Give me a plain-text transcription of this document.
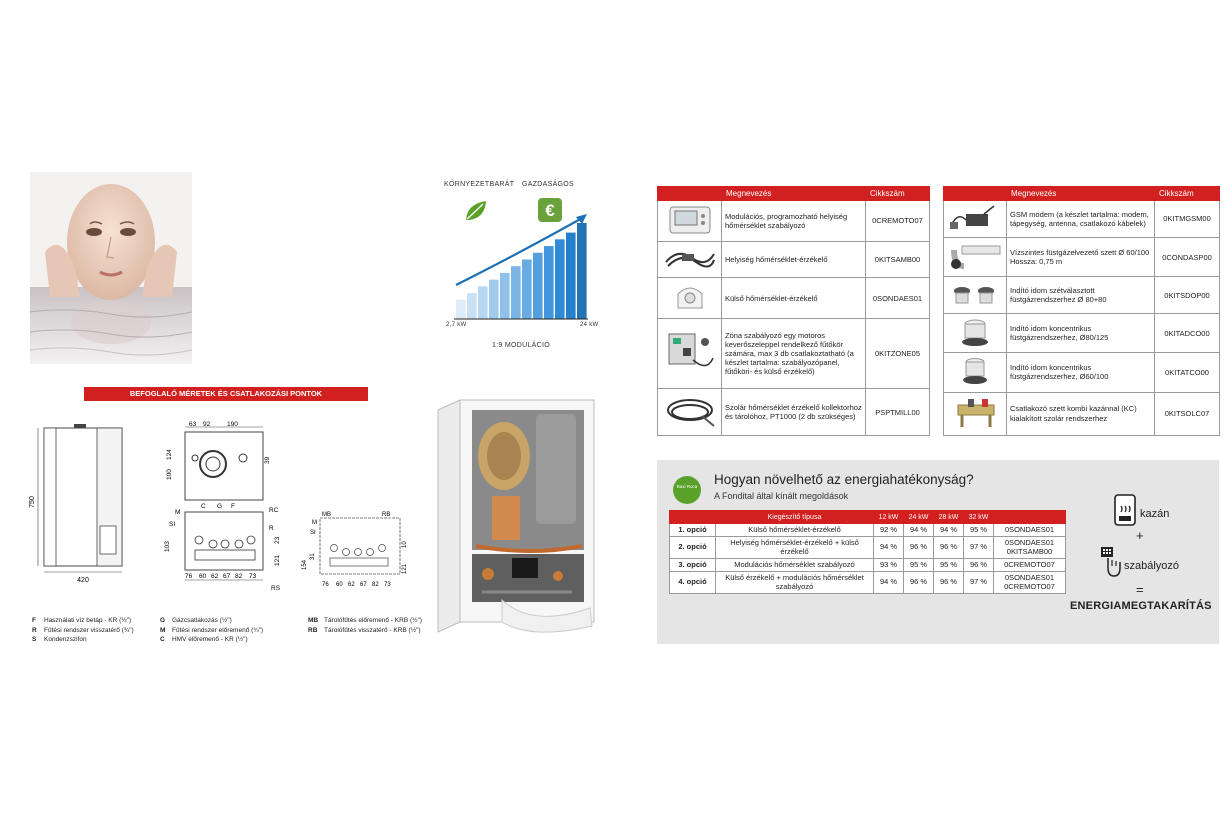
KÖRNYEZETBARÁT GAZDASÁGOS
€
2,7 kW	24 kW
1:9 MODULÁCIÓ
BEFOGLALÓ MÉRETEK ÉS CSATLAKOZÁSI PONTOK
750
420
63 92	190
100
124
39
76 60 62 67 82 73
M
C G F
RC
R
SI
RS
103
23
121
MB	RB
SI
M
154
31
10
121
76 60 62 67 82 73
F Használati víz betáp - KR (½")
R Fűtési rendszer visszatérő (¾")
S Kondenzszifon
G Gázcsatlakozás (½")
M Fűtési rendszer előremenő (¾")
C HMV előremenő - KR (½")
MB Tárolófűtés előremenő - KRB (½")
RB Tárolófűtés visszatérő - KRB (½")
	Megnevezés	Cikkszám
	Modulációs, programozható helyiség hőmérséklet szabályozó	0CREMOTO07
	Helyiség hőmérséklet-érzékelő	0KITSAMB00
	Külső hőmérséklet-érzékelő	0SONDAES01
	Zóna szabályozó egy motoros keverőszeleppel rendelkező fűtőkör számára, max 3 db csatlakoztatható (a készlet tartalma: szabályozópanel, fűtőköri- és külső érzékelő)	0KITZONE05
	Szolár hőmérséklet érzékelő kollektorhoz és tárolóhoz, PT1000 (2 db szükséges)	PSPTMILL00
	Megnevezés	Cikkszám
	GSM modem (a készlet tartalma: modem, tápegység, antenna, csatlakozó kábelek)	0KITMGSM00
	Vízszintes füstgázelvezető szett Ø 60/100 Hossza: 0,75 m	0CONDASP00
	Indító idom szétválasztott füstgázrendszerhez Ø 80+80	0KITSDOP00
	Indító idom koncentrikus füstgázrendszerhez, Ø80/125	0KITADCO00
	Indító idom koncentrikus füstgázrendszerhez, Ø60/100	0KITATCO00
	Csatlakozó szett kombi kazánnal (KC) kialakított szolár rendszerhez	0KITSOLC07
Baxi Roca Hogyan növelhető az energiahatékonyság?
A Fondital által kínált megoldások
	Kiegészítő típusa	12 kW	24 kW	28 kW	32 kW	
1. opció	Külső hőmérséklet-érzékelő	92 %	94 %	94 %	95 %	0SONDAES01
2. opció	Helyiség hőmérséklet-érzékelő + külső érzékelő	94 %	96 %	96 %	97 %	0SONDAES01
0KITSAMB00

3. opció	Modulációs hőmérséklet szabályozó	93 %	95 %	95 %	96 %	0CREMOTO07
4. opció	Külső érzékelő + modulációs hőmérséklet szabályozó	94 %	96 %	96 %	97 %	0SONDAES01
0CREMOTO07
kazán
+
szabályozó
=
ENERGIAMEGTAKARÍTÁS
